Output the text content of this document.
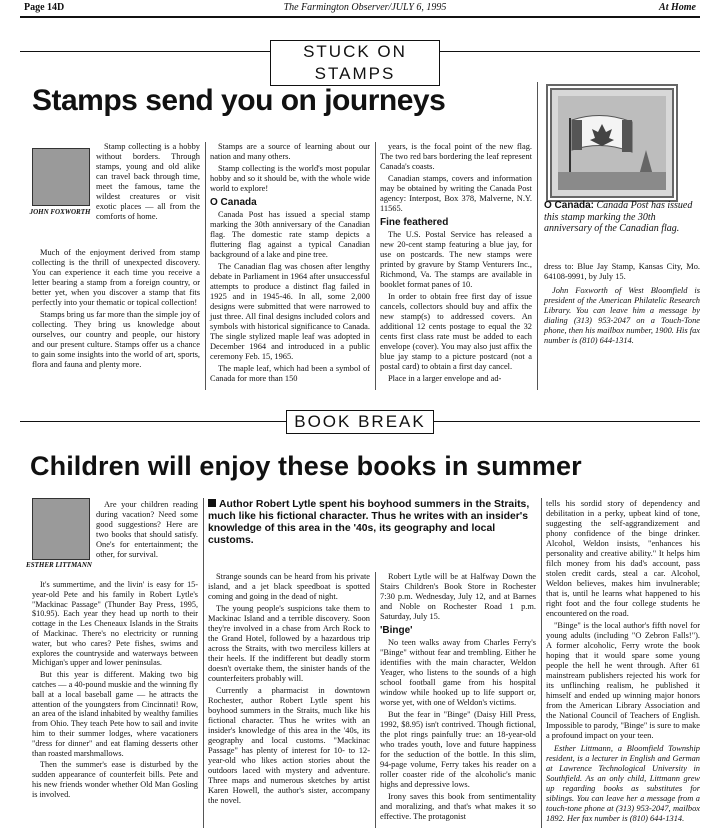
Page 14D	The Farmington Observer/JULY 6, 1995	At Home
STUCK ON STAMPS
Stamps send you on journeys
JOHN FOXWORTH

Stamp collecting is a hobby without borders. Through stamps, young and old alike can travel back through time, meet the famous, tame the wildest creatures or visit exotic places — all from the comforts of home.

Much of the enjoyment derived from stamp collecting is the thrill of unexpected discovery. You can experience it each time you receive a letter bearing a stamp from a foreign country, or better yet, when you discover a stamp that fits perfectly into your thematic or topical collection!

Stamps bring us far more than the simple joy of collecting. They bring us knowledge about ourselves, our country and people, our history and our present culture. Stamps offer us a chance to gain some insights into the world of art, sports, flora and fauna and plenty more.

Stamps are a source of learning about our nation and many others.

Stamp collecting is the world's most popular hobby and so it should be, with the whole wide world to explore!

O Canada

Canada Post has issued a special stamp marking the 30th anniversary of the Canadian flag. The domestic rate stamp depicts a fluttering flag against a typical Canadian background of a lake and pine tree.

The Canadian flag was chosen after lengthy debate in Parliament in 1964 after unsuccessful attempts to produce a distinct flag failed in 1925 and in 1945-46. In all, some 2,000 designs were submitted that were narrowed to just three. All final designs included colors and symbols with historical significance to Canada. The single stylized maple leaf was adopted in December 1964 and introduced in a public ceremony Feb. 15, 1965.

The maple leaf, which had been a symbol of Canada for more than 150

years, is the focal point of the new flag. The two red bars bordering the leaf represent Canada's coasts.

Canadian stamps, covers and information may be obtained by writing the Canada Post agency: Interpost, Box 378, Malverne, N.Y. 11565.

Fine feathered

The U.S. Postal Service has released a new 20-cent stamp featuring a blue jay, for use on postcards. The new stamps were printed by gravure by Stamp Venturers Inc., Richmond, Va. The stamps are available in booklet format panes of 10.

In order to obtain free first day of issue cancels, collectors should buy and affix the new stamp(s) to addressed covers. An additional 12 cents postage to equal the 32 cents first class rate must be added to each envelope (cover). You may also just affix the blue jay stamp to a picture postcard (not a postal card) to obtain a first day cancel.

Place in a larger envelope and ad-

O Canada: Canada Post has issued this stamp marking the 30th anniversary of the Canadian flag.

dress to: Blue Jay Stamp, Kansas City, Mo. 64108-9991, by July 15.

John Foxworth of West Bloomfield is president of the American Philatelic Research Library. You can leave him a message by dialing (313) 953-2047 on a Touch-Tone phone, then his mailbox number, 1900. His fax number is (810) 644-1314.

BOOK BREAK
Children will enjoy these books in summer
ESTHER LITTMANN

Are your children reading during vacation? Need some good suggestions? Here are two books that should satisfy. One's for entertainment; the other, for survival.

It's summertime, and the livin' is easy for 15-year-old Pete and his family in Robert Lytle's "Mackinac Passage" (Thunder Bay Press, 1995, $10.95). Each year they head up north to their cottage in the Les Cheneaux Islands in the Straits of Mackinac. There's no electricity or running water, but who cares? Pete fishes, swims and explores the countryside and waterways between Michigan's upper and lower peninsulas.

But this year is different. Making two big catches — a 40-pound muskie and the winning fly ball at a local baseball game — he attracts the attention of the youngsters from Cincinnati! Row, an area of the island inhabited by wealthy families from Ohio. They teach Pete how to sail and invite him to their summer lodges, where vacationers "dress for dinner" and eat flaming desserts other than roasted marshmallows.

Then the summer's ease is disturbed by the sudden appearance of counterfeit bills. Pete and his new friends wonder whether Old Man Gosling is involved.

Author Robert Lytle spent his boyhood summers in the Straits, much like his fictional character. Thus he writes with an insider's knowledge of this area in the '40s, its geography and local customs.

Strange sounds can be heard from his private island, and a jet black speedboat is spotted coming and going in the dead of night.

The young people's suspicions take them to Mackinac Island and a terrible discovery. Soon they're involved in a chase from Arch Rock to the Grand Hotel, followed by a hazardous trip across the Straits, with two merciless killers at their heels. If the indifferent but deadly storm doesn't overtake them, the sinister hands of the counterfeiters probably will.

Currently a pharmacist in downtown Rochester, author Robert Lytle spent his boyhood summers in the Straits, much like his fictional character. Thus he writes with an insider's knowledge of this area in the '40s, its geography and local customs. "Mackinac Passage" has plenty of interest for 10- to 12-year-old who likes action stories about the outdoors laced with mystery and adventure. Three maps and numerous sketches by artist Karen Howell, the author's sister, accompany the novel.

Robert Lytle will be at Halfway Down the Stairs Children's Book Store in Rochester 7:30 p.m. Wednesday, July 12, and at Barnes and Noble on Rochester Road 1 p.m. Saturday, July 15.

'Binge'

No teen walks away from Charles Ferry's "Binge" without fear and trembling. Either he identifies with the main character, Weldon Yeager, who listens to the sounds of a high school football game from his hospital window while hooked up to life support or, worse yet, with one of Weldon's victims.

But the fear in "Binge" (Daisy Hill Press, 1992, $8.95) isn't contrived. Though fictional, the plot rings painfully true: an 18-year-old who trades youth, love and future happiness for the seduction of the bottle. In this slim, 94-page volume, Ferry takes his reader on a roller coaster ride of the alcoholic's manic highs and depressive lows.

Irony saves this book from sentimentality and moralizing, and that's what makes it so effective. The protagonist

tells his sordid story of dependency and debilitation in a perky, upbeat kind of tone, suggesting the self-aggrandizement and phony confidence of the binge drinker. Alcohol, Weldon insists, "enhances his personality and creative ability." It helps him filch money from his dad's account, pass stolen credit cards, steal a car. Alcohol, Weldon believes, makes him invulnerable; that is, until he learns what happened to his right foot and the four college students he encountered on the road.

"Binge" is the local author's fifth novel for young adults (including "O Zebron Falls!"). A former alcoholic, Ferry wrote the book hoping that it would spare some young people the hell he went through. After 61 mainstream publishers rejected his work for its unflinching realism, he published it himself and ended up winning major honors from the American Library Association and the National Council of Teachers of English. Impossible to parody, "Binge" is sure to make a profound impact on your teen.

Esther Littmann, a Bloomfield Township resident, is a lecturer in English and German at Lawrence Technological University in Southfield. As an only child, Littmann grew up regarding books as substitutes for siblings. You can leave her a message from a touch-tone phone at (313) 953-2047, mailbox 1892. Her fax number is (810) 644-1314.
